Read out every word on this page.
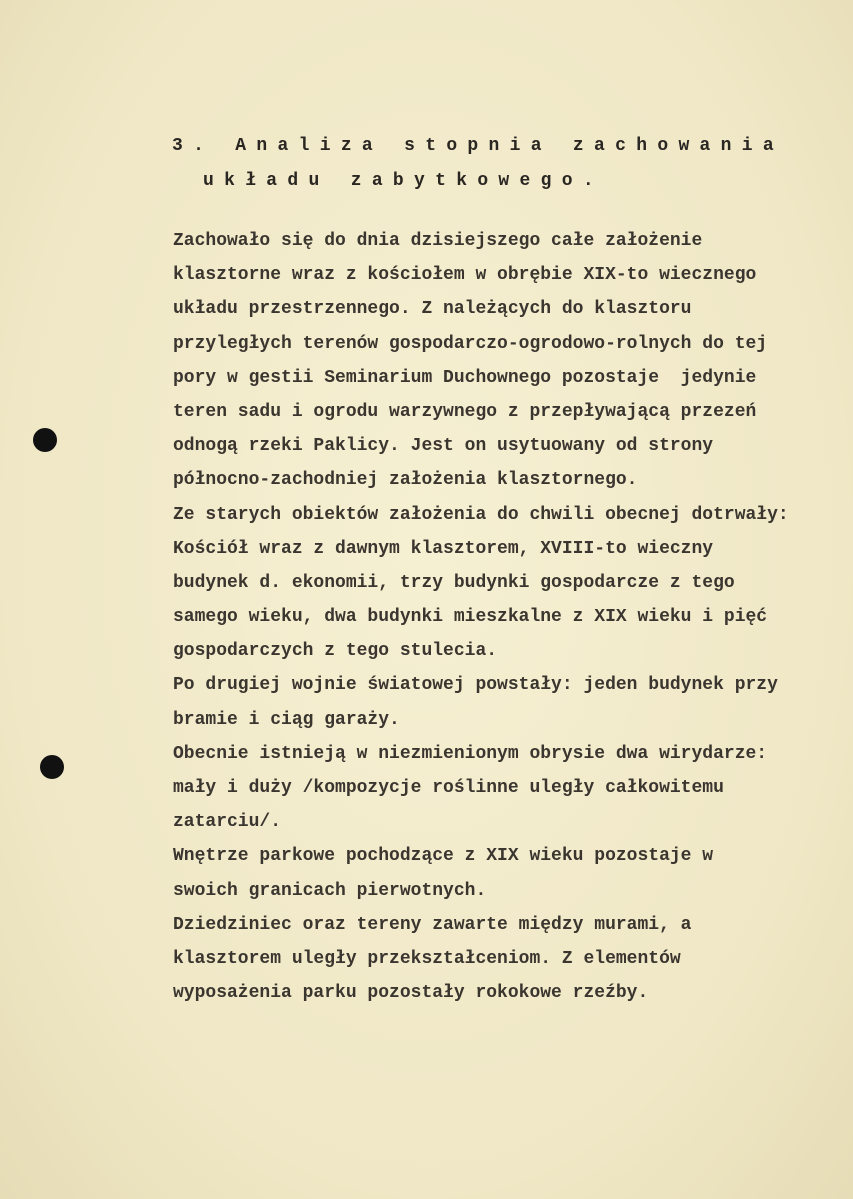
3. Analiza stopnia zachowania
układu zabytkowego.
Zachowało się do dnia dzisiejszego całe założenie
klasztorne wraz z kościołem w obrębie XIX-to wiecznego
układu przestrzennego. Z należących do klasztoru
przyległych terenów gospodarczo-ogrodowo-rolnych do tej
pory w gestii Seminarium Duchownego pozostaje  jedynie
teren sadu i ogrodu warzywnego z przepływającą przezeń
odnogą rzeki Paklicy. Jest on usytuowany od strony
północno-zachodniej założenia klasztornego.
Ze starych obiektów założenia do chwili obecnej dotrwały:
Kościół wraz z dawnym klasztorem, XVIII-to wieczny
budynek d. ekonomii, trzy budynki gospodarcze z tego
samego wieku, dwa budynki mieszkalne z XIX wieku i pięć
gospodarczych z tego stulecia.
Po drugiej wojnie światowej powstały: jeden budynek przy
bramie i ciąg garaży.
Obecnie istnieją w niezmienionym obrysie dwa wirydarze:
mały i duży /kompozycje roślinne uległy całkowitemu
zatarciu/.
Wnętrze parkowe pochodzące z XIX wieku pozostaje w
swoich granicach pierwotnych.
Dziedziniec oraz tereny zawarte między murami, a
klasztorem uległy przekształceniom. Z elementów
wyposażenia parku pozostały rokokowe rzeźby.
